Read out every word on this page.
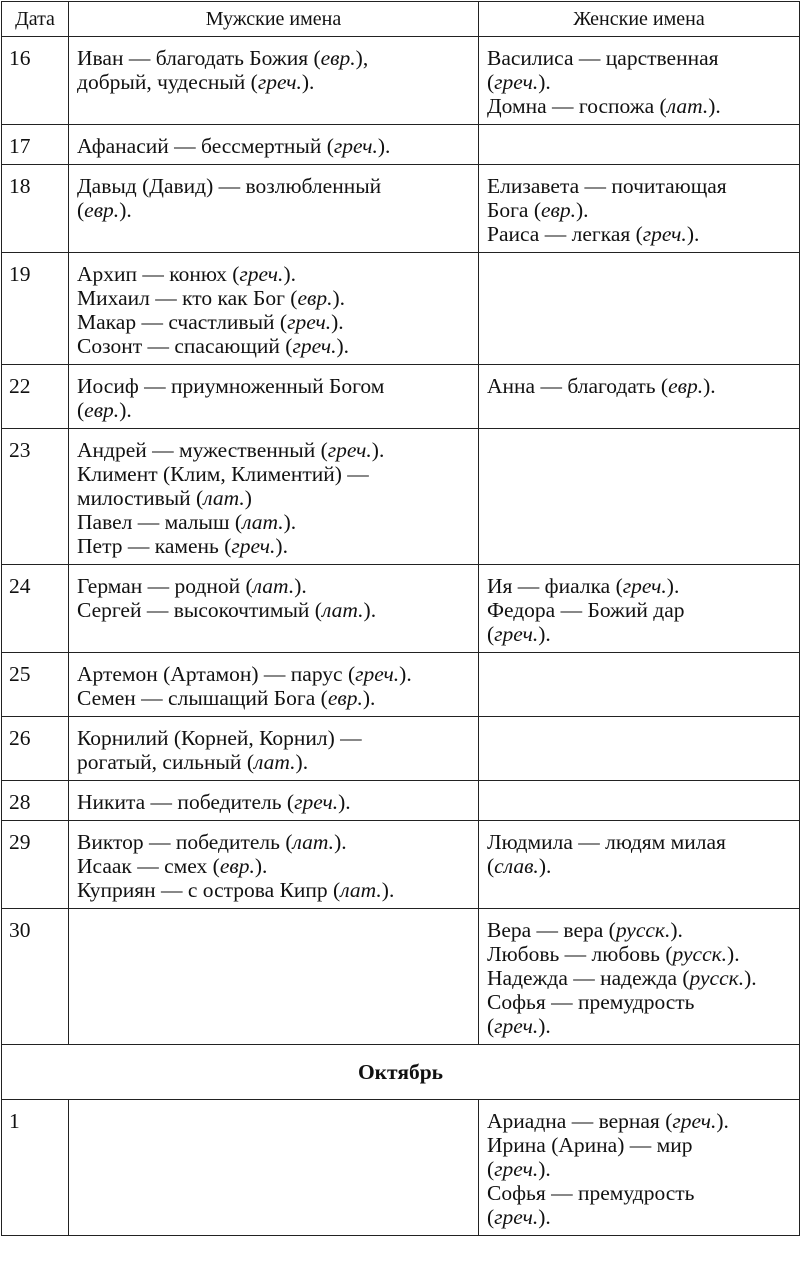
Дата	Мужские имена	Женские имена
16	Иван — благодать Божия (евр.),
добрый, чудесный (греч.).	Василиса — царственная
(греч.).
Домна — госпожа (лат.).

17	Афанасий — бессмертный (греч.).	

18	Давыд (Давид) — возлюбленный
(евр.).	Елизавета — почитающая
Бога (евр.).
Раиса — легкая (греч.).

19	Архип — конюх (греч.).
Михаил — кто как Бог (евр.).
Макар — счастливый (греч.).
Созонт — спасающий (греч.).	

22	Иосиф — приумноженный Богом
(евр.).	Анна — благодать (евр.).

23	Андрей — мужественный (греч.).
Климент (Клим, Климентий) —
милостивый (лат.)
Павел — малыш (лат.).
Петр — камень (греч.).	

24	Герман — родной (лат.).
Сергей — высокочтимый (лат.).	Ия — фиалка (греч.).
Федора — Божий дар
(греч.).

25	Артемон (Артамон) — парус (греч.).
Семен — слышащий Бога (евр.).	

26	Корнилий (Корней, Корнил) —
рогатый, сильный (лат.).	

28	Никита — победитель (греч.).	

29	Виктор — победитель (лат.).
Исаак — смех (евр.).
Куприян — с острова Кипр (лат.).	Людмила — людям милая
(слав.).

30		Вера — вера (русск.).
Любовь — любовь (русск.).
Надежда — надежда (русск.).
Софья — премудрость
(греч.).

Октябрь		
1		Ариадна — верная (греч.).
Ирина (Арина) — мир
(греч.).
Софья — премудрость
(греч.).
